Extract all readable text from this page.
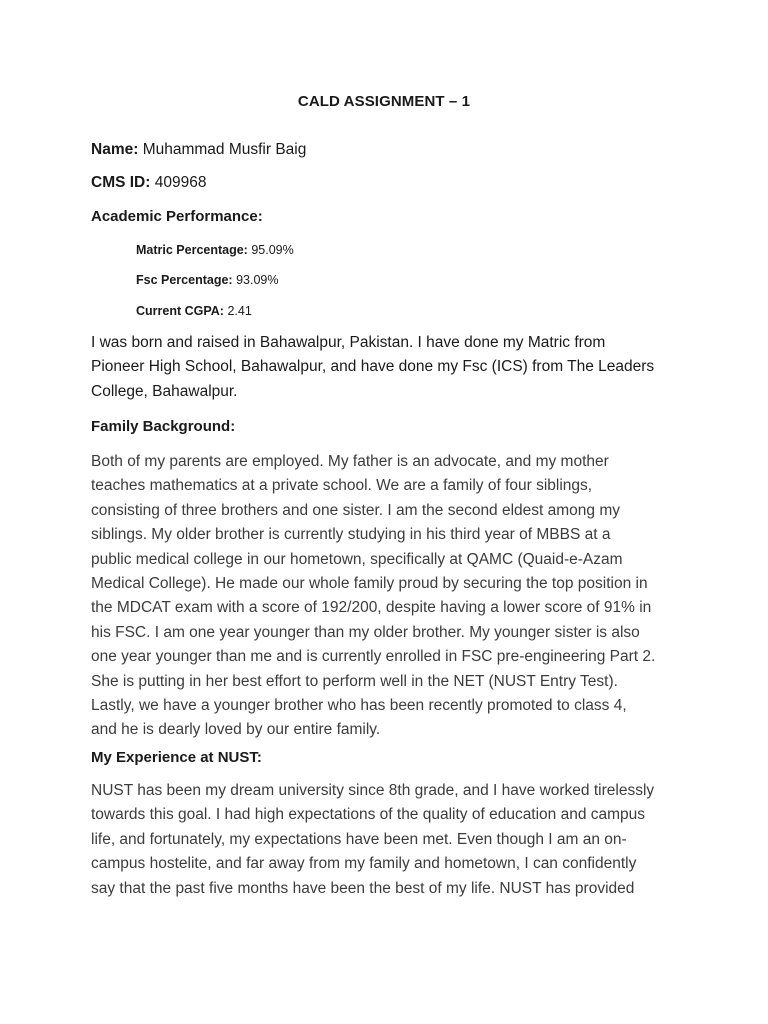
CALD ASSIGNMENT – 1
Name: Muhammad Musfir Baig
CMS ID: 409968
Academic Performance:
Matric Percentage: 95.09%
Fsc Percentage: 93.09%
Current CGPA: 2.41
I was born and raised in Bahawalpur, Pakistan. I have done my Matric from
Pioneer High School, Bahawalpur, and have done my Fsc (ICS) from The Leaders
College, Bahawalpur.
Family Background:
Both of my parents are employed. My father is an advocate, and my mother
teaches mathematics at a private school. We are a family of four siblings,
consisting of three brothers and one sister. I am the second eldest among my
siblings. My older brother is currently studying in his third year of MBBS at a
public medical college in our hometown, specifically at QAMC (Quaid-e-Azam
Medical College). He made our whole family proud by securing the top position in
the MDCAT exam with a score of 192/200, despite having a lower score of 91% in
his FSC. I am one year younger than my older brother. My younger sister is also
one year younger than me and is currently enrolled in FSC pre-engineering Part 2.
She is putting in her best effort to perform well in the NET (NUST Entry Test).
Lastly, we have a younger brother who has been recently promoted to class 4,
and he is dearly loved by our entire family.
My Experience at NUST:
NUST has been my dream university since 8th grade, and I have worked tirelessly
towards this goal. I had high expectations of the quality of education and campus
life, and fortunately, my expectations have been met. Even though I am an on-
campus hostelite, and far away from my family and hometown, I can confidently
say that the past five months have been the best of my life. NUST has provided
